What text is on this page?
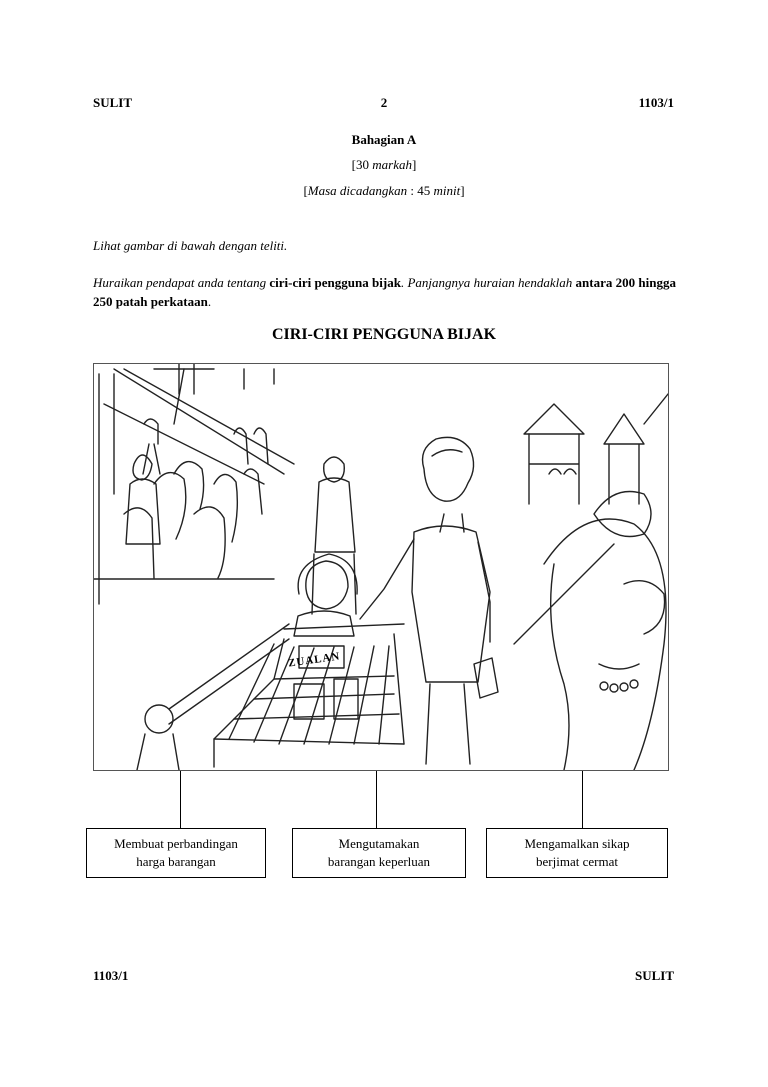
SULIT	2	1103/1
Bahagian A
[30 markah]
[Masa dicadangkan : 45 minit]
Lihat gambar di bawah dengan teliti.
Huraikan pendapat anda tentang ciri-ciri pengguna bijak. Panjangnya huraian hendaklah antara 200 hingga 250 patah perkataan.
CIRI-CIRI PENGGUNA BIJAK
ZUALAN
Membuat perbandingan
harga barangan
Mengutamakan
barangan keperluan
Mengamalkan sikap
berjimat cermat
1103/1	SULIT
